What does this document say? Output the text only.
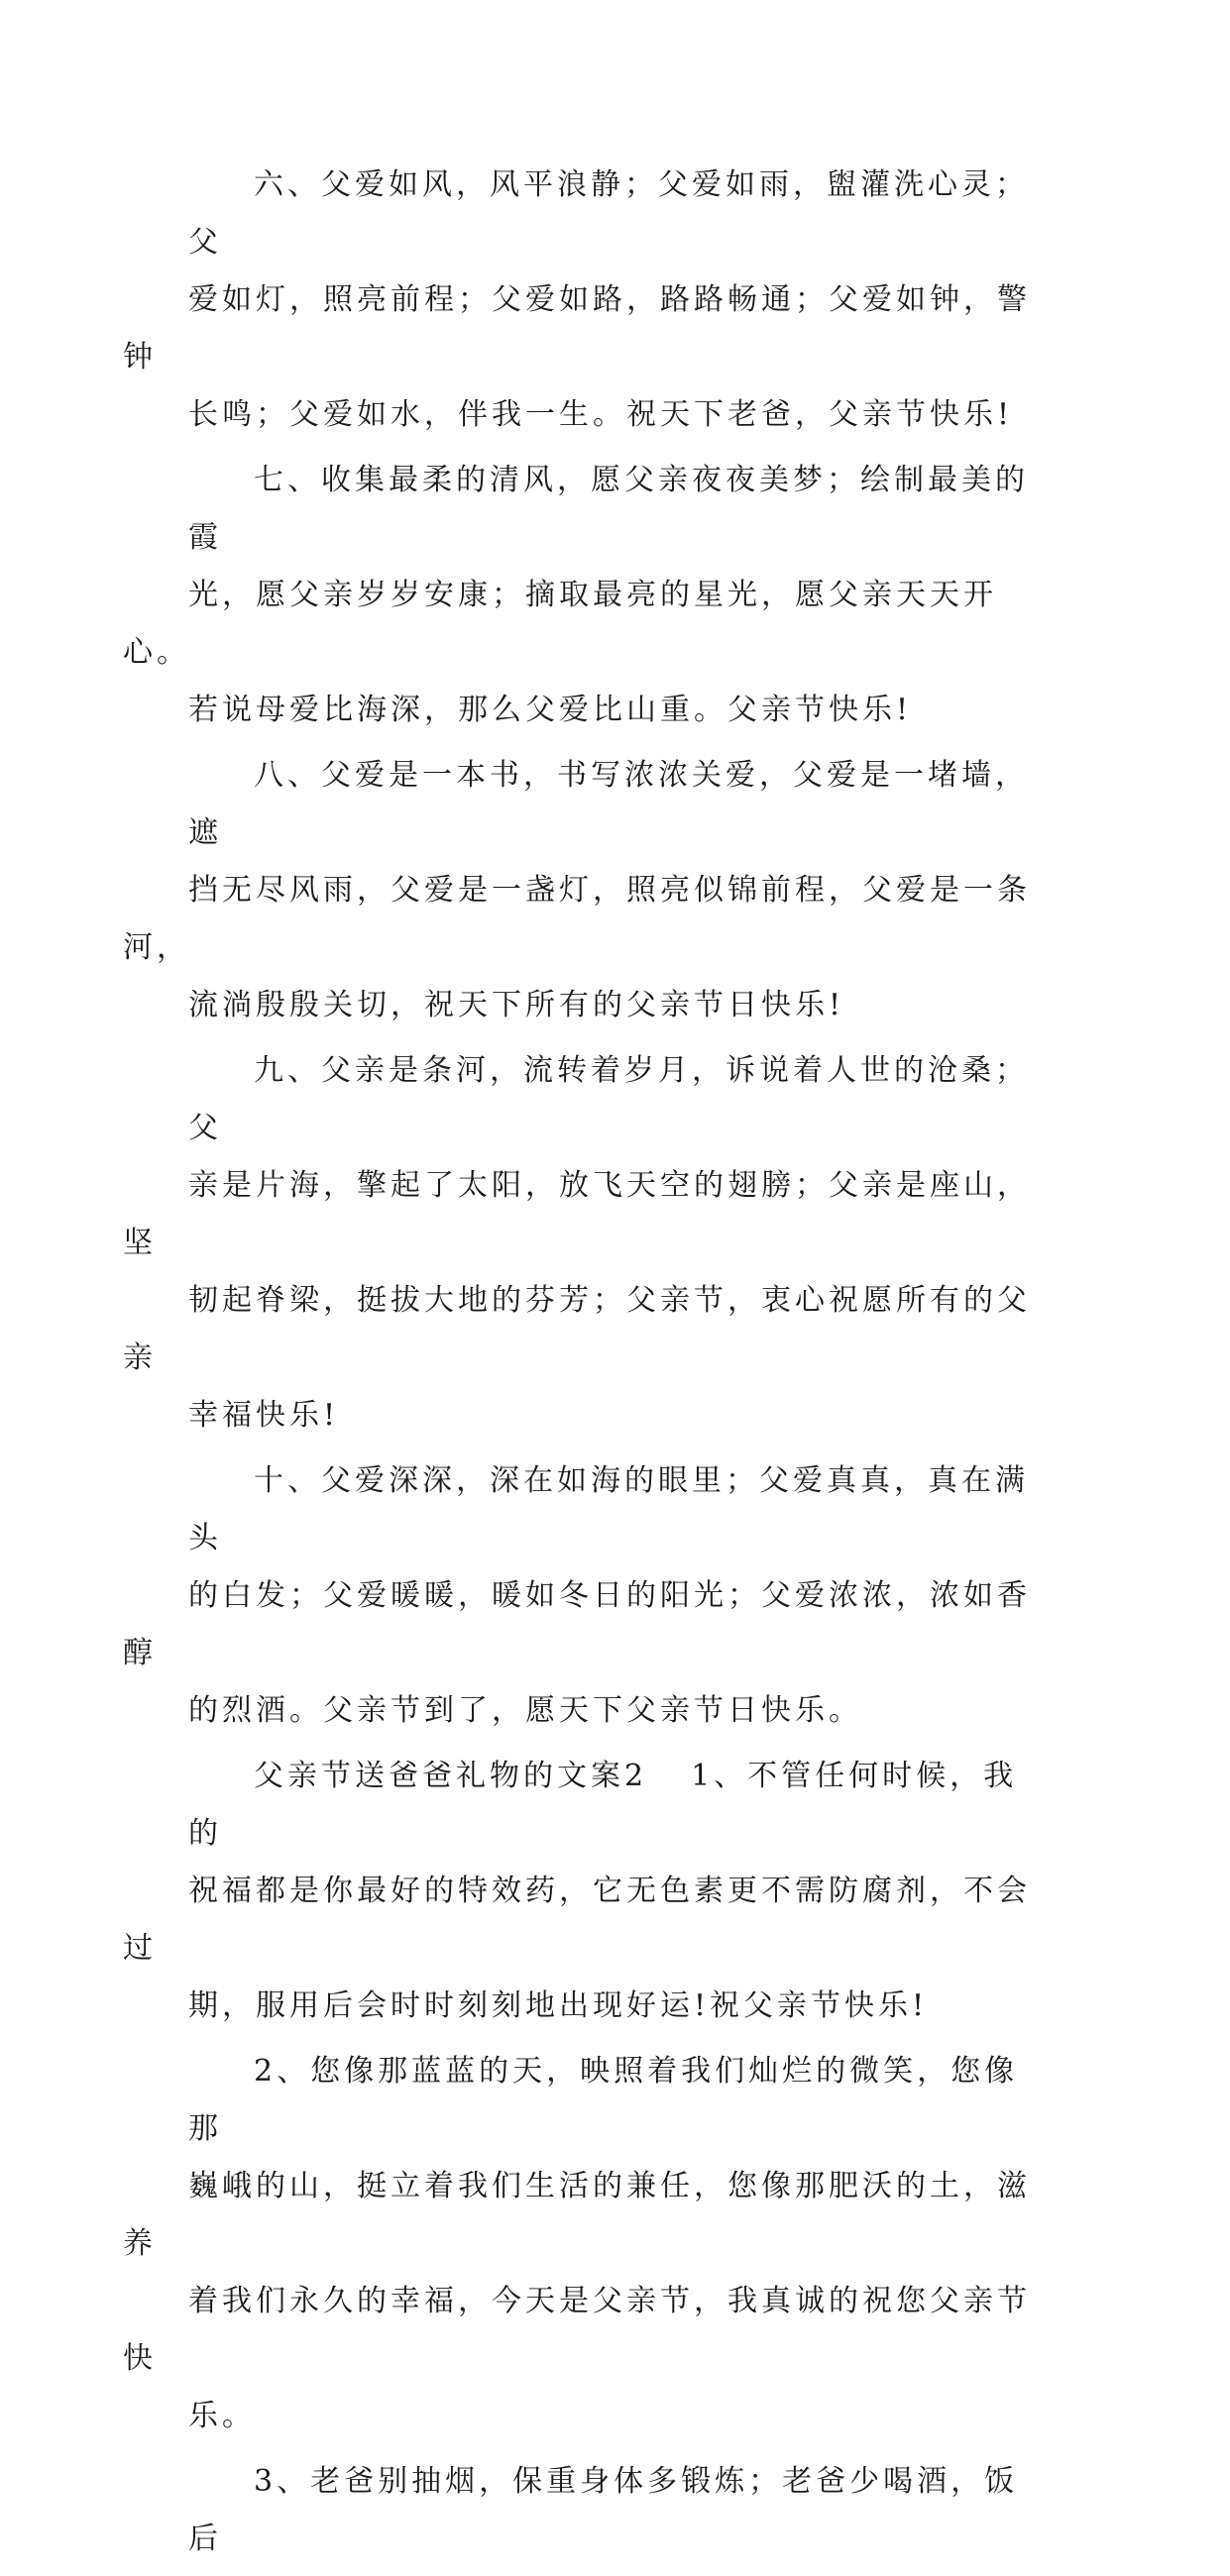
六、父爱如风，风平浪静；父爱如雨，盥灌洗心灵；父
爱如灯，照亮前程；父爱如路，路路畅通；父爱如钟，警钟
长鸣；父爱如水，伴我一生。祝天下老爸，父亲节快乐!

七、收集最柔的清风，愿父亲夜夜美梦；绘制最美的霞
光，愿父亲岁岁安康；摘取最亮的星光，愿父亲天天开心。
若说母爱比海深，那么父爱比山重。父亲节快乐!

八、父爱是一本书，书写浓浓关爱，父爱是一堵墙，遮
挡无尽风雨，父爱是一盏灯，照亮似锦前程，父爱是一条河，
流淌殷殷关切，祝天下所有的父亲节日快乐!

九、父亲是条河，流转着岁月，诉说着人世的沧桑；父
亲是片海，擎起了太阳，放飞天空的翅膀；父亲是座山，坚
韧起脊梁，挺拔大地的芬芳；父亲节，衷心祝愿所有的父亲
幸福快乐!

十、父爱深深，深在如海的眼里；父爱真真，真在满头
的白发；父爱暖暖，暖如冬日的阳光；父爱浓浓，浓如香醇
的烈酒。父亲节到了，愿天下父亲节日快乐。

父亲节送爸爸礼物的文案2 1、不管任何时候，我的
祝福都是你最好的特效药，它无色素更不需防腐剂，不会过
期，服用后会时时刻刻地出现好运!祝父亲节快乐!

2、您像那蓝蓝的天，映照着我们灿烂的微笑，您像那
巍峨的山，挺立着我们生活的兼任，您像那肥沃的土，滋养
着我们永久的幸福，今天是父亲节，我真诚的祝您父亲节快
乐。

3、老爸别抽烟，保重身体多锻炼；老爸少喝酒，饭后
